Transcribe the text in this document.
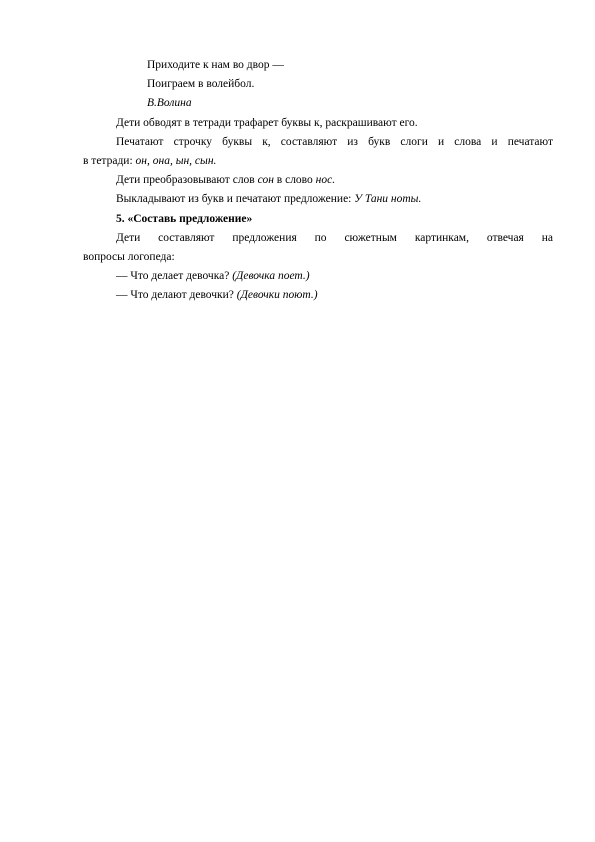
Приходите к нам во двор —
Поиграем в волейбол.
В.Волина
Дети обводят в тетради трафарет буквы к, раскрашивают его.
Печатают строчку буквы к, составляют из букв слоги и слова и печатают
в тетради: он, она, ын, сын.
Дети преобразовывают слов сон в слово нос.
Выкладывают из букв и печатают предложение: У Тани ноты.
5. «Составь предложение»
Дети составляют предложения по сюжетным картинкам, отвечая на
вопросы логопеда:
— Что делает девочка? (Девочка поет.)
— Что делают девочки? (Девочки поют.)
